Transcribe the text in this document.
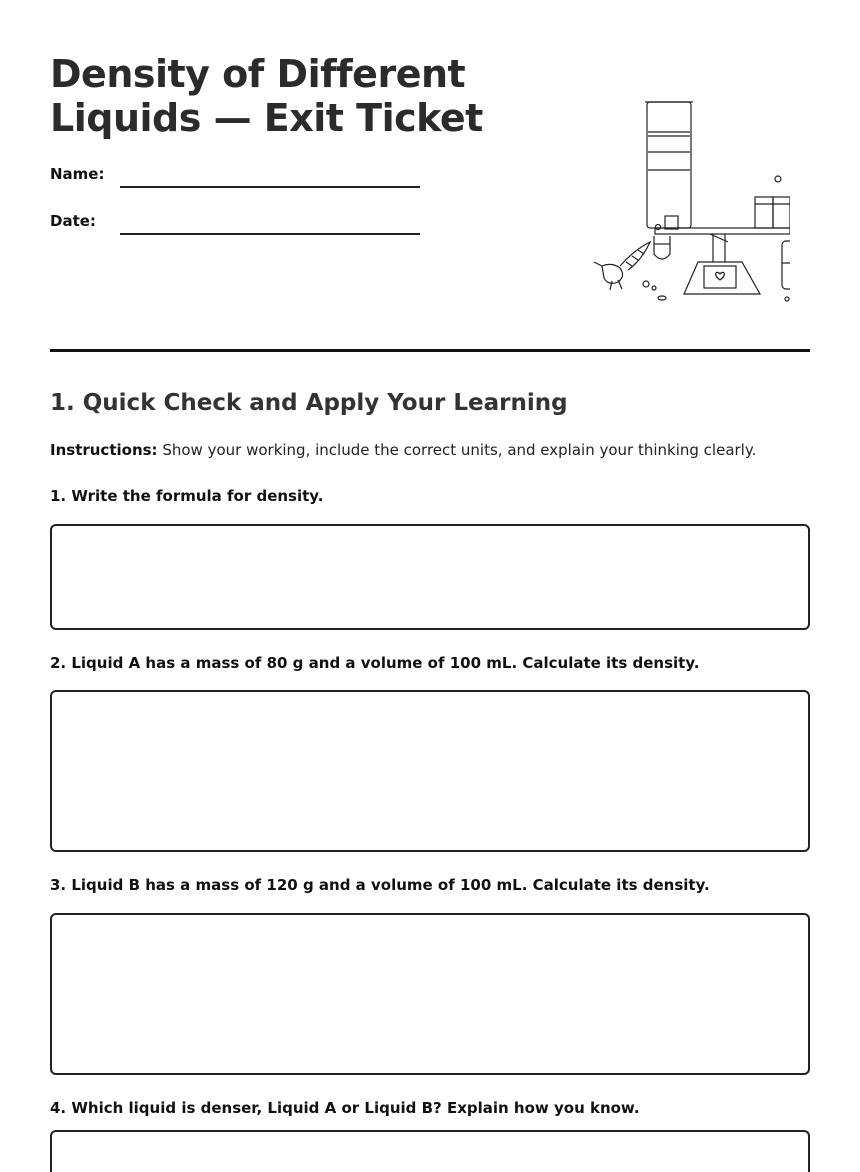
Density of Different
Liquids — Exit Ticket
Name:
Date:
1. Quick Check and Apply Your Learning
Instructions: Show your working, include the correct units, and explain your thinking clearly.
1. Write the formula for density.
2. Liquid A has a mass of 80 g and a volume of 100 mL. Calculate its density.
3. Liquid B has a mass of 120 g and a volume of 100 mL. Calculate its density.
4. Which liquid is denser, Liquid A or Liquid B? Explain how you know.
